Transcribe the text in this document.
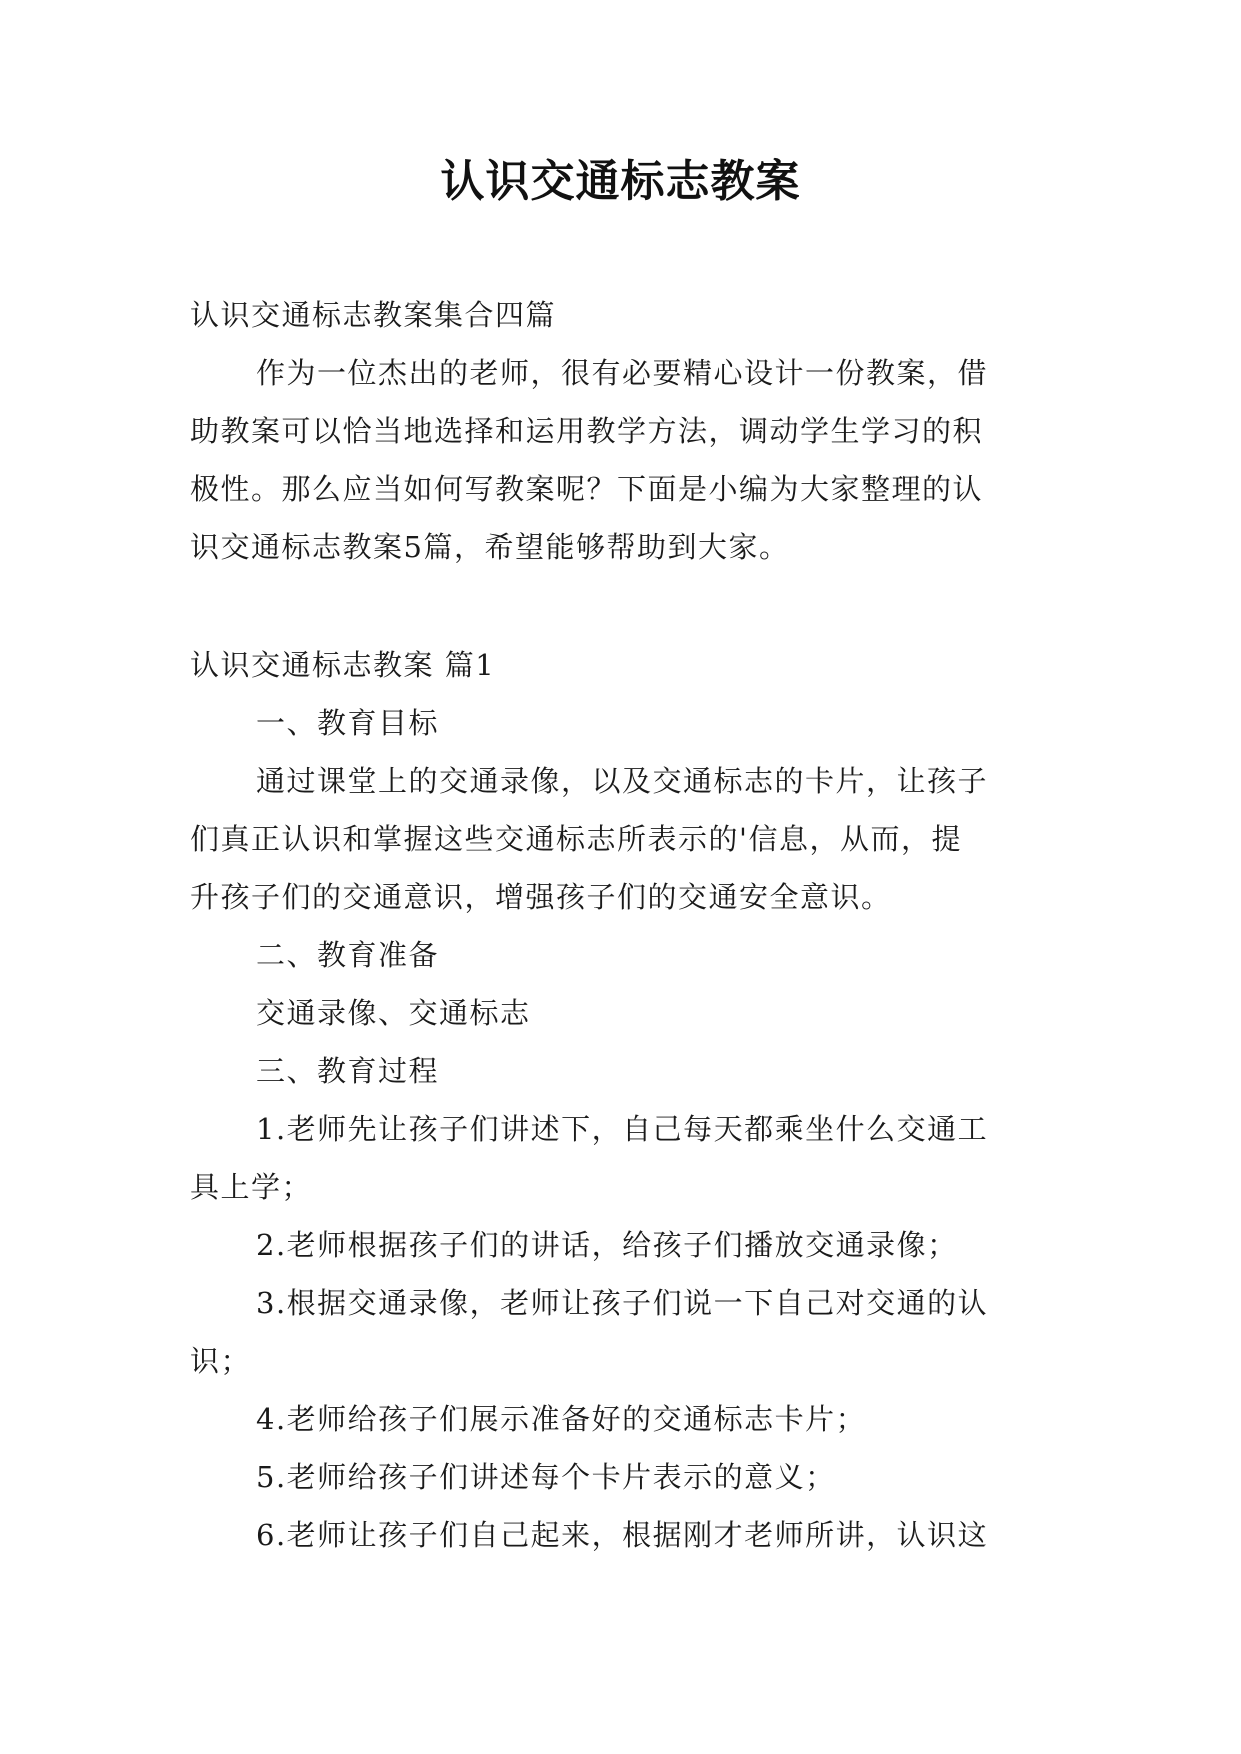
认识交通标志教案
认识交通标志教案集合四篇
作为一位杰出的老师，很有必要精心设计一份教案，借
助教案可以恰当地选择和运用教学方法，调动学生学习的积
极性。那么应当如何写教案呢？下面是小编为大家整理的认
识交通标志教案5篇，希望能够帮助到大家。
认识交通标志教案 篇1
一、教育目标
通过课堂上的交通录像，以及交通标志的卡片，让孩子
们真正认识和掌握这些交通标志所表示的'信息，从而，提
升孩子们的交通意识，增强孩子们的交通安全意识。
二、教育准备
交通录像、交通标志
三、教育过程
1.老师先让孩子们讲述下，自己每天都乘坐什么交通工
具上学；
2.老师根据孩子们的讲话，给孩子们播放交通录像；
3.根据交通录像，老师让孩子们说一下自己对交通的认
识；
4.老师给孩子们展示准备好的交通标志卡片；
5.老师给孩子们讲述每个卡片表示的意义；
6.老师让孩子们自己起来，根据刚才老师所讲，认识这
